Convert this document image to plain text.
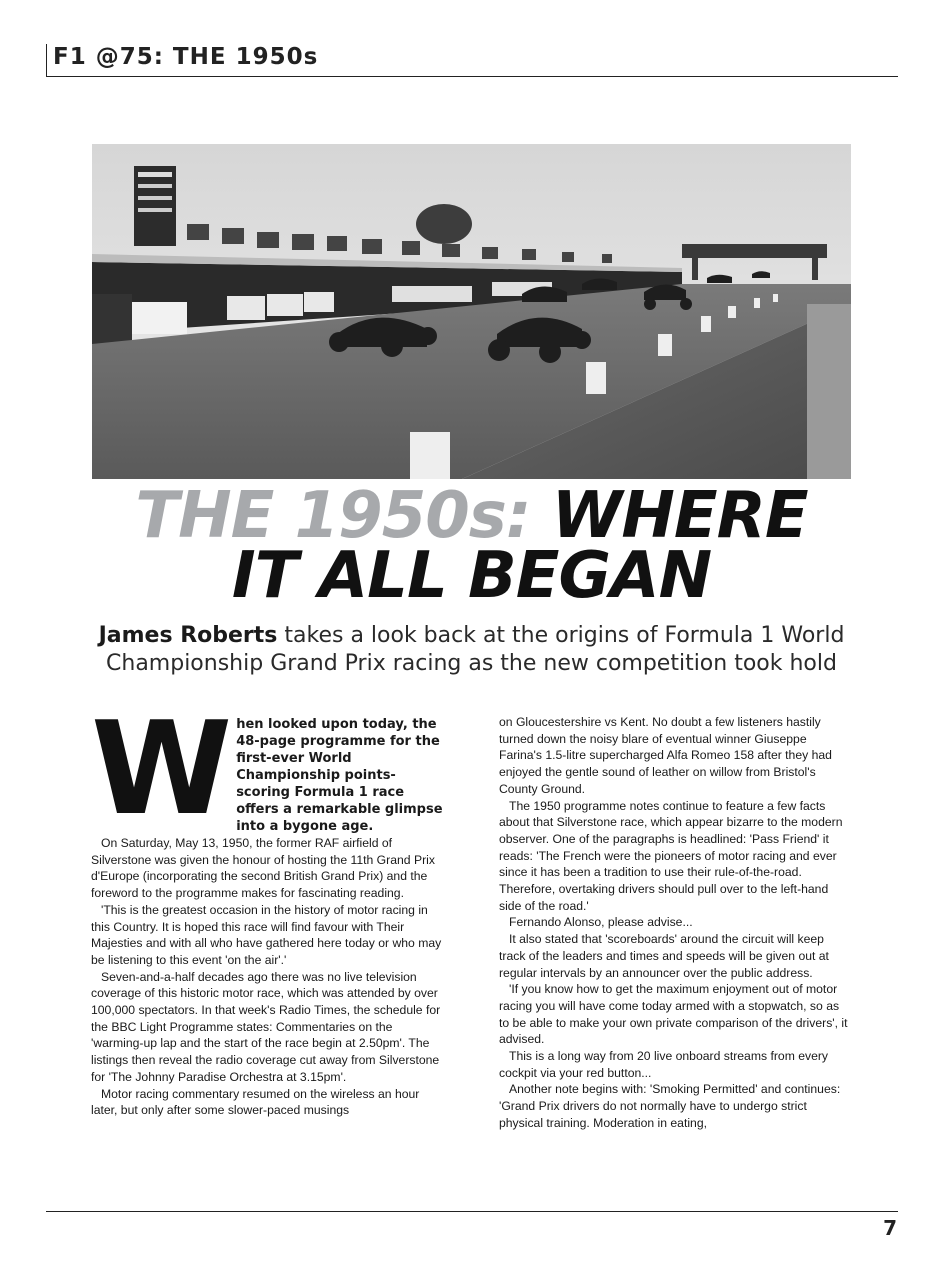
F1 @75: THE 1950s
THE 1950s: WHERE
IT ALL BEGAN
James Roberts takes a look back at the origins of Formula 1 World Championship Grand Prix racing as the new competition took hold
W hen looked upon today, the 48-page programme for the first-ever World Championship points-scoring Formula 1 race offers a remarkable glimpse into a bygone age.

On Saturday, May 13, 1950, the former RAF airfield of Silverstone was given the honour of hosting the 11th Grand Prix d'Europe (incorporating the second British Grand Prix) and the foreword to the programme makes for fascinating reading.

'This is the greatest occasion in the history of motor racing in this Country. It is hoped this race will find favour with Their Majesties and with all who have gathered here today or who may be listening to this event 'on the air'.'

Seven-and-a-half decades ago there was no live television coverage of this historic motor race, which was attended by over 100,000 spectators. In that week's Radio Times, the schedule for the BBC Light Programme states: Commentaries on the 'warming-up lap and the start of the race begin at 2.50pm'. The listings then reveal the radio coverage cut away from Silverstone for 'The Johnny Paradise Orchestra at 3.15pm'.

Motor racing commentary resumed on the wireless an hour later, but only after some slower-paced musings

on Gloucestershire vs Kent. No doubt a few listeners hastily turned down the noisy blare of eventual winner Giuseppe Farina's 1.5-litre supercharged Alfa Romeo 158 after they had enjoyed the gentle sound of leather on willow from Bristol's County Ground.

The 1950 programme notes continue to feature a few facts about that Silverstone race, which appear bizarre to the modern observer. One of the paragraphs is headlined: 'Pass Friend' it reads: 'The French were the pioneers of motor racing and ever since it has been a tradition to use their rule-of-the-road. Therefore, overtaking drivers should pull over to the left-hand side of the road.'

Fernando Alonso, please advise...

It also stated that 'scoreboards' around the circuit will keep track of the leaders and times and speeds will be given out at regular intervals by an announcer over the public address.

'If you know how to get the maximum enjoyment out of motor racing you will have come today armed with a stopwatch, so as to be able to make your own private comparison of the drivers', it advised.

This is a long way from 20 live onboard streams from every cockpit via your red button...

Another note begins with: 'Smoking Permitted' and continues: 'Grand Prix drivers do not normally have to undergo strict physical training. Moderation in eating,

7
